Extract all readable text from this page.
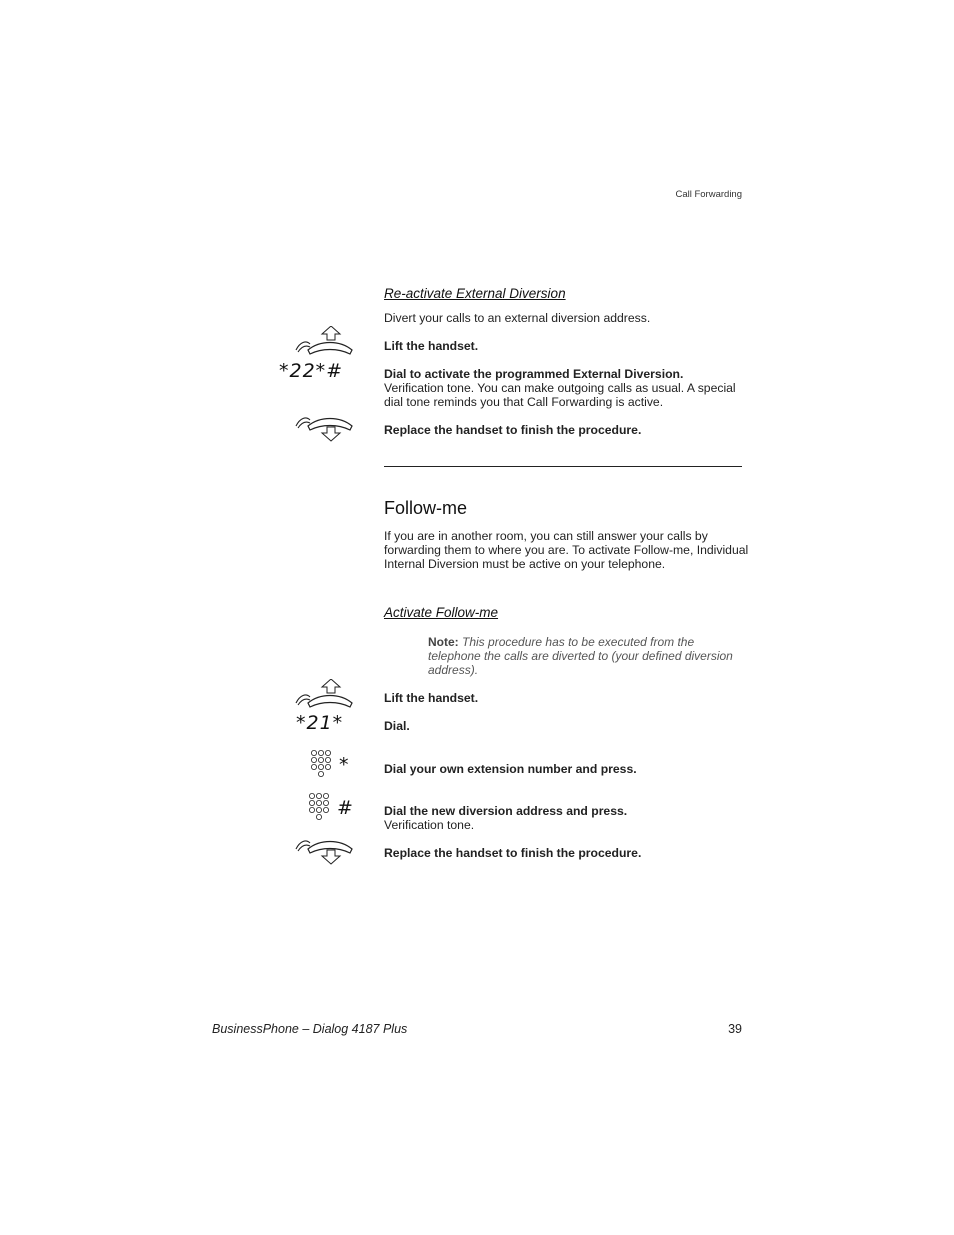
Call Forwarding
Re-activate External Diversion
Divert your calls to an external diversion address.
Lift the handset.
*22*#	Dial to activate the programmed External Diversion.
Verification tone. You can make outgoing calls as usual. A special
dial tone reminds you that Call Forwarding is active.
Replace the handset to finish the procedure.
Follow-me
If you are in another room, you can still answer your calls by
forwarding them to where you are. To activate Follow-me, Individual
Internal Diversion must be active on your telephone.
Activate Follow-me
Note: This procedure has to be executed from the
telephone the calls are diverted to (your defined diversion
address).
Lift the handset.
*21*	Dial.
*	Dial your own extension number and press.
# Dial the new diversion address and press.
Verification tone.
Replace the handset to finish the procedure.
BusinessPhone – Dialog 4187 Plus	39
